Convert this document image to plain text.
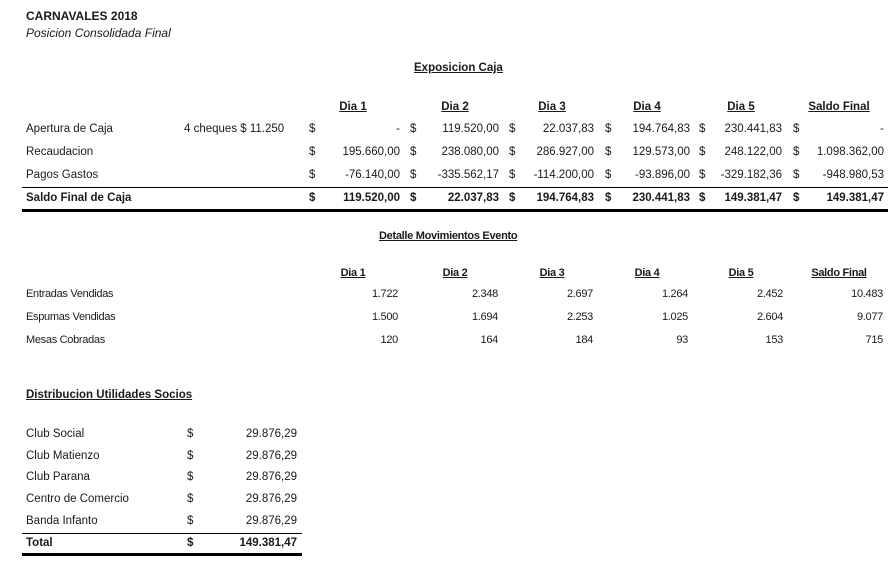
CARNAVALES 2018
Posicion Consolidada Final
Exposicion Caja
Dia 1	Dia 2	Dia 3	Dia 4	Dia 5	Saldo Final
Apertura de Caja	4 cheques $ 11.250 $	- $	119.520,00 $	22.037,83 $	194.764,83 $	230.441,83 $	-
Recaudacion	$	195.660,00 $	238.080,00 $	286.927,00 $	129.573,00 $	248.122,00 $	1.098.362,00
Pagos Gastos	$	-76.140,00 $	-335.562,17 $	-114.200,00 $	-93.896,00 $	-329.182,36 $	-948.980,53
Saldo Final de Caja	$	119.520,00 $	22.037,83 $	194.764,83 $	230.441,83 $	149.381,47 $	149.381,47
Detalle Movimientos Evento
Dia 1	Dia 2	Dia 3	Dia 4	Dia 5	Saldo Final
Entradas Vendidas	1.722	2.348	2.697	1.264	2.452	10.483
Espumas Vendidas	1.500	1.694	2.253	1.025	2.604	9.077
Mesas Cobradas	120	164	184	93	153	715
Distribucion Utilidades Socios
Club Social	$	29.876,29
Club Matienzo	$	29.876,29
Club Parana	$	29.876,29
Centro de Comercio	$	29.876,29
Banda Infanto	$	29.876,29
Total	$	149.381,47
